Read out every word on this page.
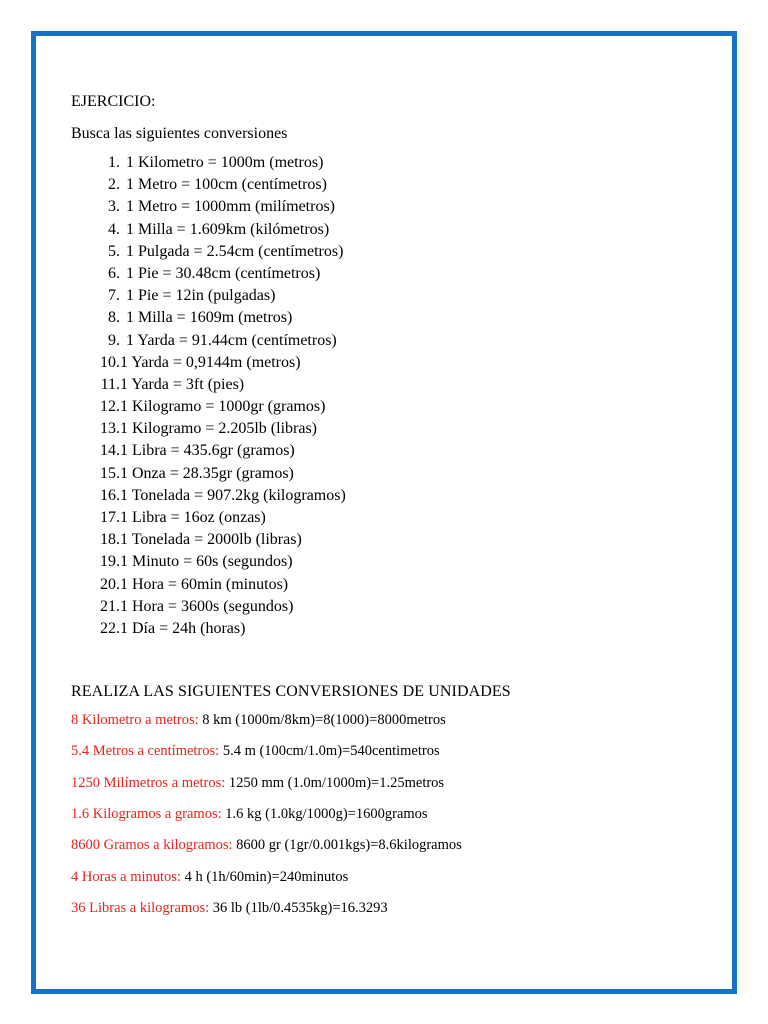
EJERCICIO:

Busca las siguientes conversiones

1. 1 Kilometro = 1000m (metros)
2. 1 Metro = 100cm (centímetros)
3. 1 Metro = 1000mm (milímetros)
4. 1 Milla = 1.609km (kilómetros)
5. 1 Pulgada = 2.54cm (centímetros)
6. 1 Pie = 30.48cm (centímetros)
7. 1 Pie = 12in (pulgadas)
8. 1 Milla = 1609m (metros)
9. 1 Yarda = 91.44cm (centímetros)
10.1 Yarda = 0,9144m (metros)
11.1 Yarda = 3ft (pies)
12.1 Kilogramo = 1000gr (gramos)
13.1 Kilogramo = 2.205lb (libras)
14.1 Libra = 435.6gr (gramos)
15.1 Onza = 28.35gr (gramos)
16.1 Tonelada = 907.2kg (kilogramos)
17.1 Libra = 16oz (onzas)
18.1 Tonelada = 2000lb (libras)
19.1 Minuto = 60s (segundos)
20.1 Hora = 60min (minutos)
21.1 Hora = 3600s (segundos)
22.1 Día = 24h (horas)

REALIZA LAS SIGUIENTES CONVERSIONES DE UNIDADES

8 Kilometro a metros: 8 km (1000m/8km)=8(1000)=8000metros
5.4 Metros a centímetros: 5.4 m (100cm/1.0m)=540centimetros
1250 Milímetros a metros: 1250 mm (1.0m/1000m)=1.25metros
1.6 Kilogramos a gramos: 1.6 kg (1.0kg/1000g)=1600gramos
8600 Gramos a kilogramos: 8600 gr (1gr/0.001kgs)=8.6kilogramos
4 Horas a minutos: 4 h (1h/60min)=240minutos
36 Libras a kilogramos: 36 lb (1lb/0.4535kg)=16.3293
